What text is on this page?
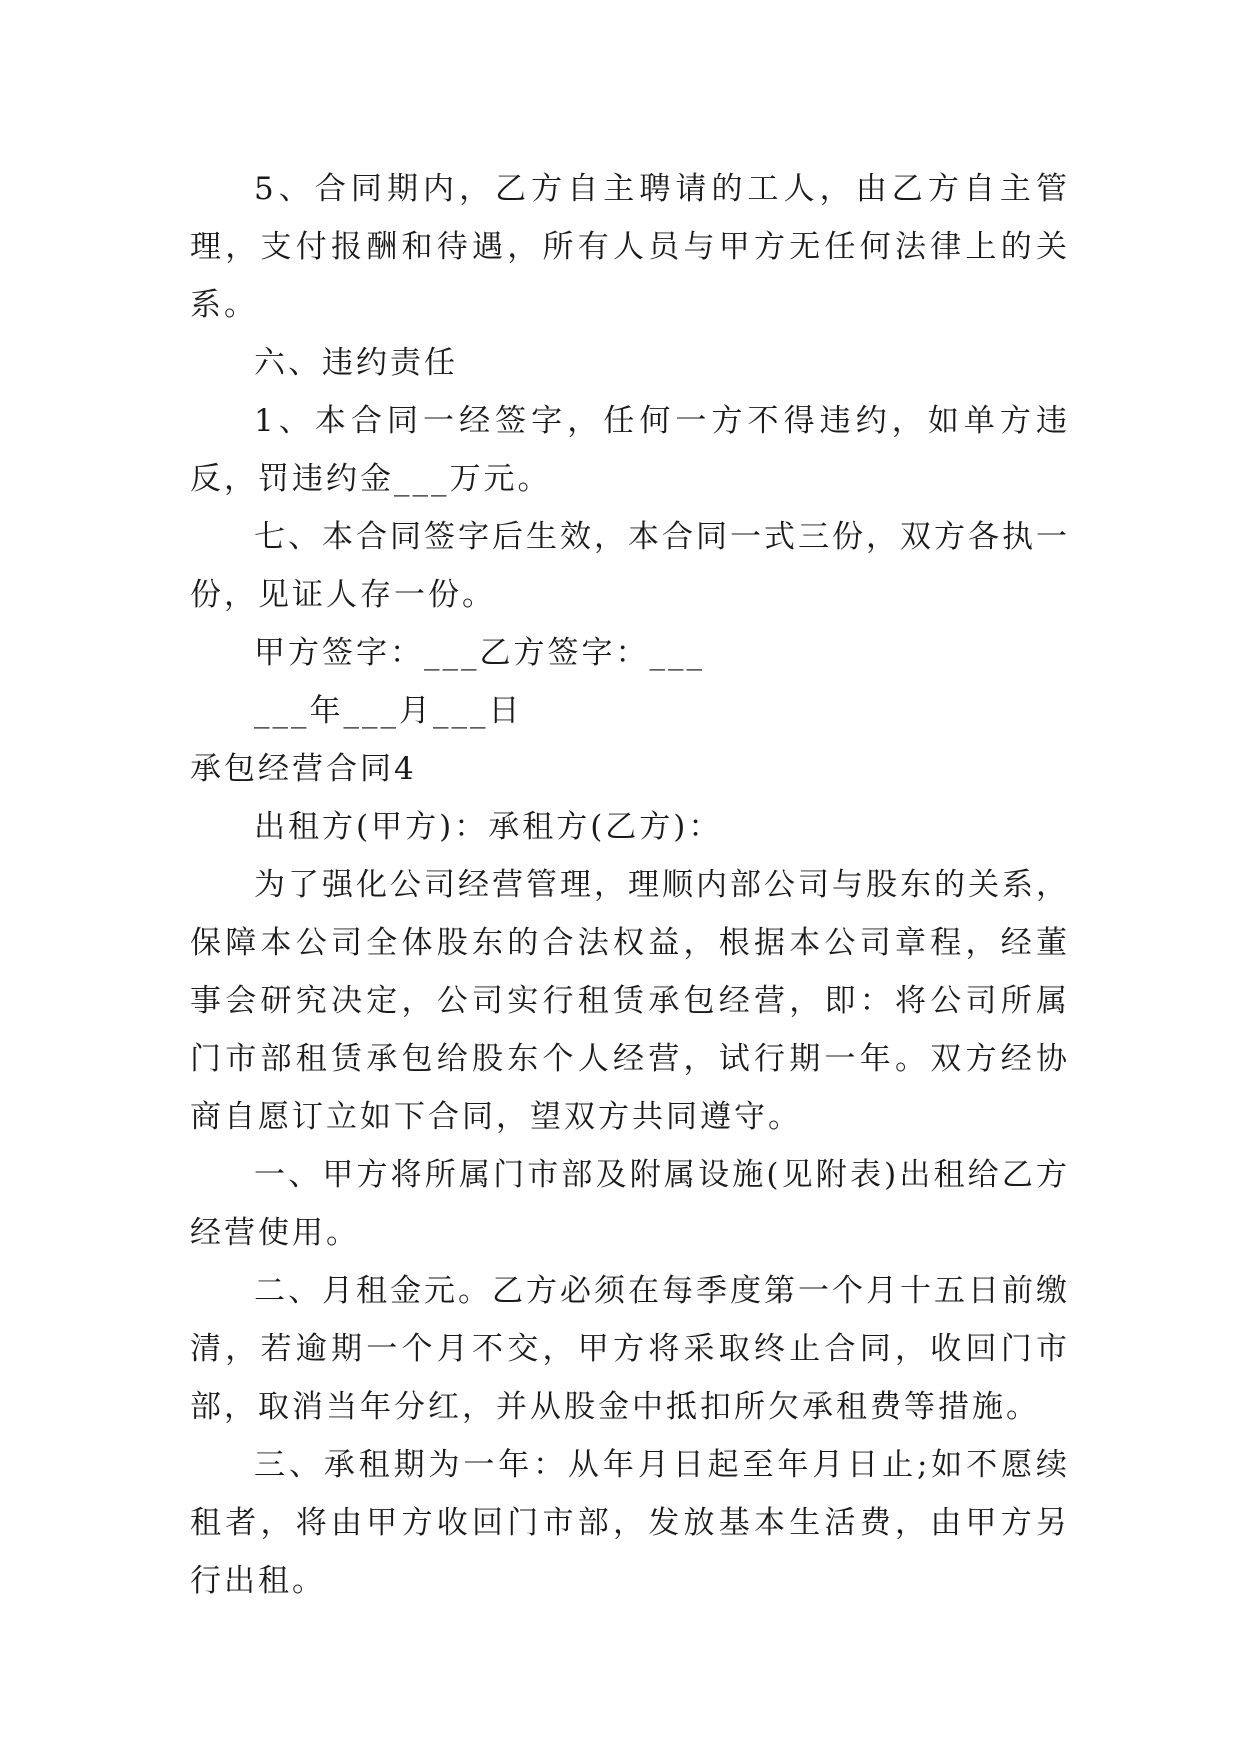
5、合同期内，乙方自主聘请的工人，由乙方自主管理，支付报酬和待遇，所有人员与甲方无任何法律上的关系。

六、违约责任

1、本合同一经签字，任何一方不得违约，如单方违反，罚违约金___万元。

七、本合同签字后生效，本合同一式三份，双方各执一份，见证人存一份。

甲方签字：___乙方签字：___

___年___月___日

承包经营合同4

出租方(甲方)：承租方(乙方)：

为了强化公司经营管理，理顺内部公司与股东的关系，保障本公司全体股东的合法权益，根据本公司章程，经董事会研究决定，公司实行租赁承包经营，即：将公司所属门市部租赁承包给股东个人经营，试行期一年。双方经协商自愿订立如下合同，望双方共同遵守。

一、甲方将所属门市部及附属设施(见附表)出租给乙方经营使用。

二、月租金元。乙方必须在每季度第一个月十五日前缴清，若逾期一个月不交，甲方将采取终止合同，收回门市部，取消当年分红，并从股金中抵扣所欠承租费等措施。

三、承租期为一年：从年月日起至年月日止;如不愿续租者，将由甲方收回门市部，发放基本生活费，由甲方另行出租。
